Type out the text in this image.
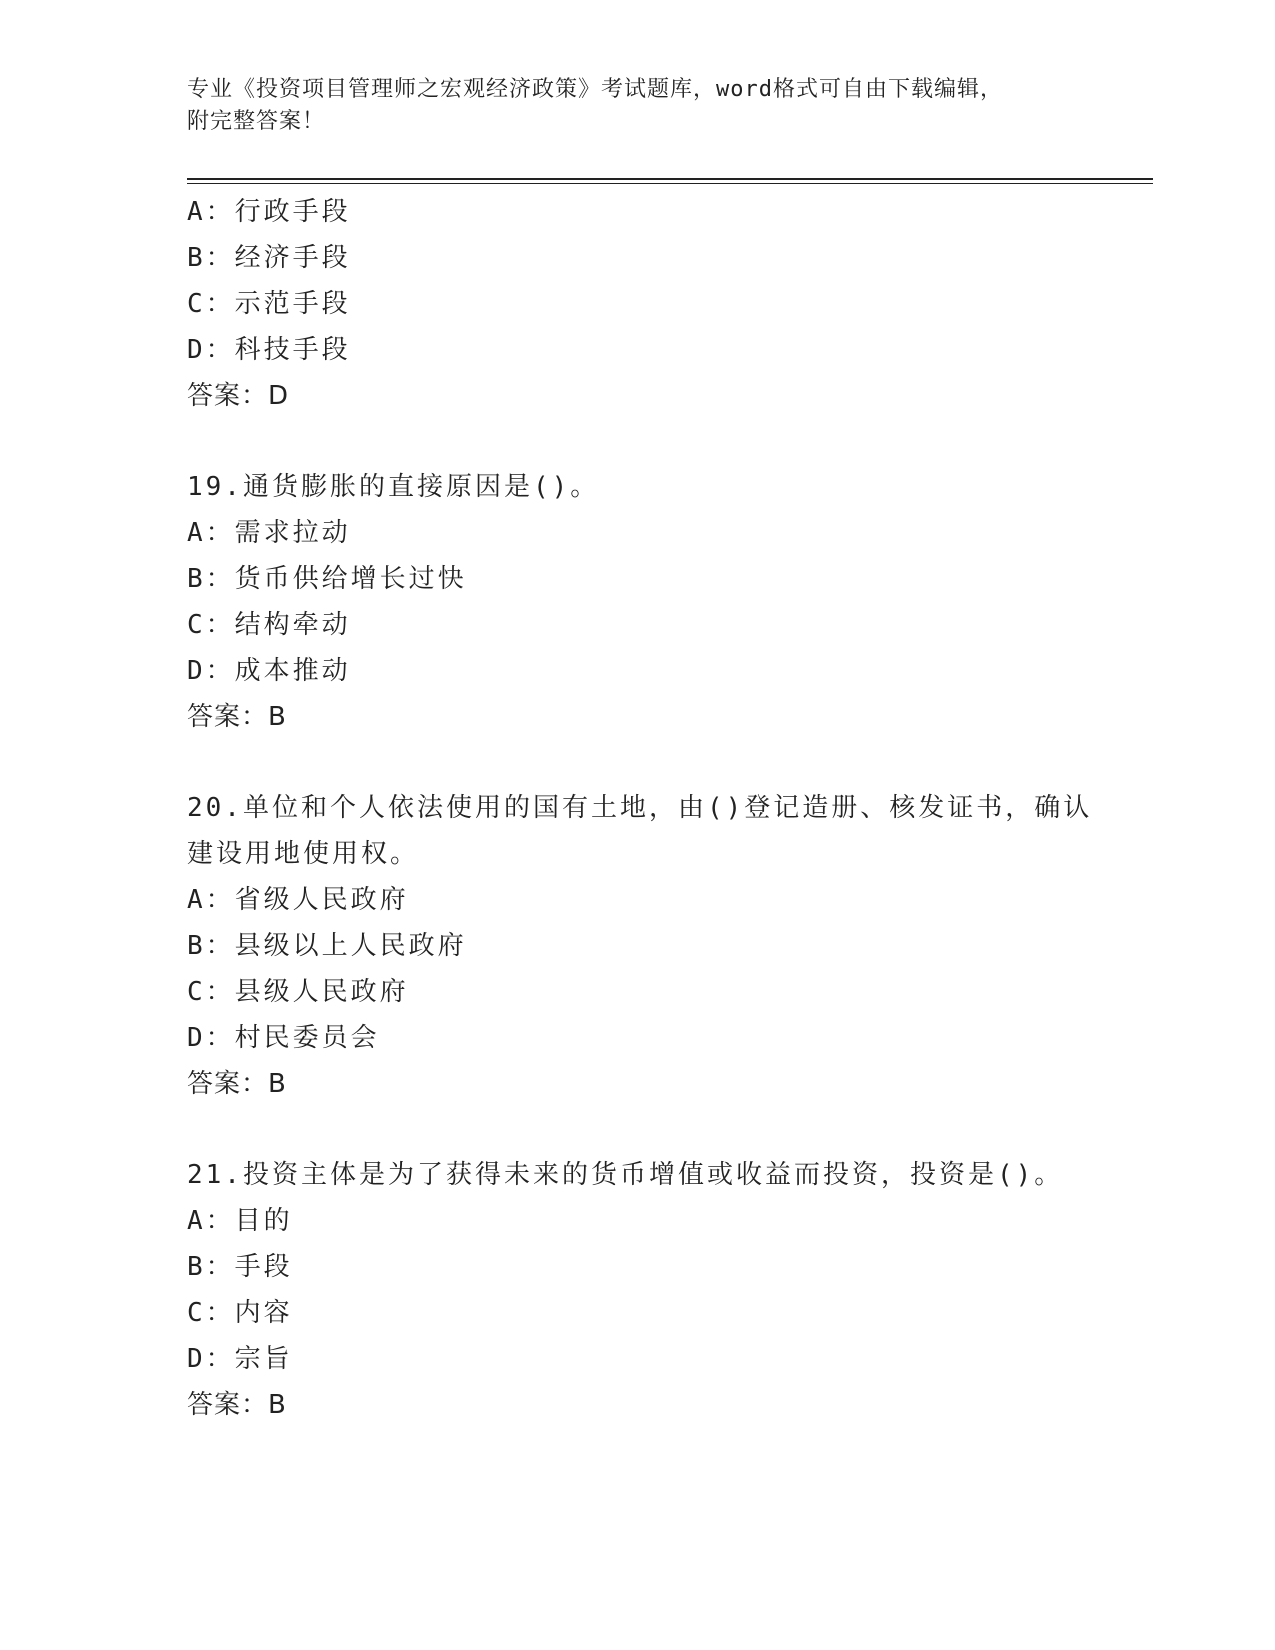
专业《投资项目管理师之宏观经济政策》考试题库，word格式可自由下载编辑，
附完整答案！
A：行政手段
B：经济手段
C：示范手段
D：科技手段
答案：D
19.通货膨胀的直接原因是()。
A：需求拉动
B：货币供给增长过快
C：结构牵动
D：成本推动
答案：B
20.单位和个人依法使用的国有土地，由()登记造册、核发证书，确认
建设用地使用权。
A：省级人民政府
B：县级以上人民政府
C：县级人民政府
D：村民委员会
答案：B
21.投资主体是为了获得未来的货币增值或收益而投资，投资是()。
A：目的
B：手段
C：内容
D：宗旨
答案：B
